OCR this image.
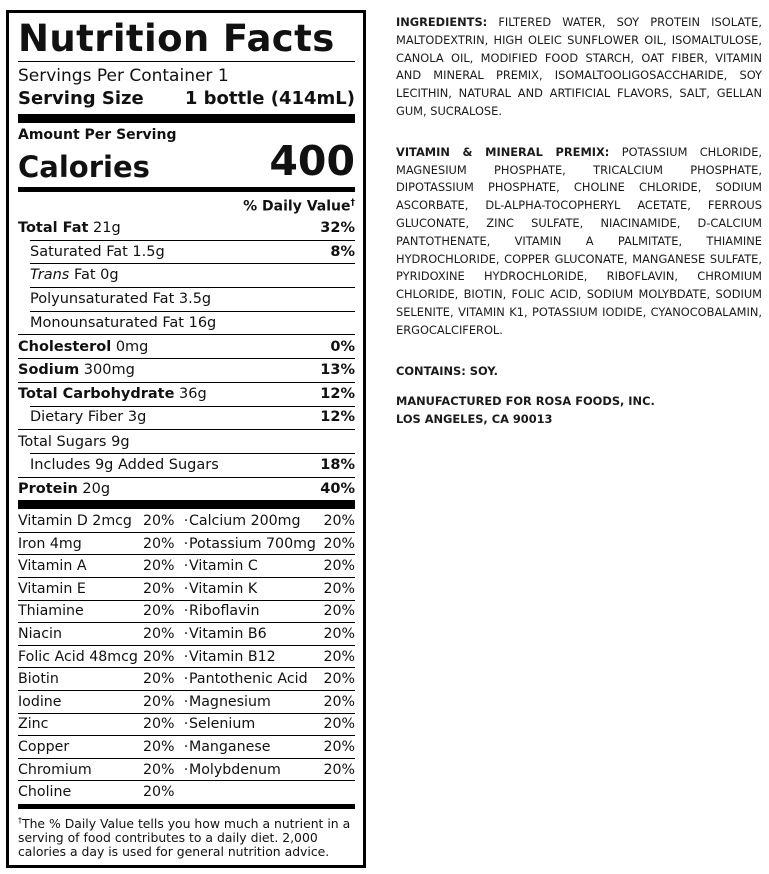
Nutrition Facts
Servings Per Container 1
Serving Size 1 bottle (414mL)
Amount Per Serving
Calories	400
% Daily Value†
Total Fat 21g	32%
Saturated Fat 1.5g	8%
Trans Fat 0g
Polyunsaturated Fat 3.5g
Monounsaturated Fat 16g
Cholesterol 0mg	0%
Sodium 300mg	13%
Total Carbohydrate 36g	12%
Dietary Fiber 3g	12%
Total Sugars 9g
Includes 9g Added Sugars	18%
Protein 20g	40%
Vitamin D 2mcg 20% · Calcium 200mg	20%
Iron 4mg	20% · Potassium 700mg 20%
Vitamin A	20% · Vitamin C	20%
Vitamin E	20% · Vitamin K	20%
Thiamine	20% · Riboflavin	20%
Niacin	20% · Vitamin B6	20%
Folic Acid 48mcg 20% · Vitamin B12	20%
Biotin	20% · Pantothenic Acid	20%
Iodine	20% · Magnesium	20%
Zinc	20% · Selenium	20%
Copper	20% · Manganese	20%
Chromium	20% · Molybdenum	20%
Choline	20%
†The % Daily Value tells you how much a nutrient in a serving of food contributes to a daily diet. 2,000 calories a day is used for general nutrition advice.

INGREDIENTS: FILTERED WATER, SOY PROTEIN ISOLATE, MALTODEXTRIN, HIGH OLEIC SUNFLOWER OIL, ISOMALTULOSE, CANOLA OIL, MODIFIED FOOD STARCH, OAT FIBER, VITAMIN AND MINERAL PREMIX, ISOMALTOOLIGOSACCHARIDE, SOY LECITHIN, NATURAL AND ARTIFICIAL FLAVORS, SALT, GELLAN GUM, SUCRALOSE.

VITAMIN & MINERAL PREMIX: POTASSIUM CHLORIDE, MAGNESIUM PHOSPHATE, TRICALCIUM PHOSPHATE, DIPOTASSIUM PHOSPHATE, CHOLINE CHLORIDE, SODIUM ASCORBATE, DL-ALPHA-TOCOPHERYL ACETATE, FERROUS GLUCONATE, ZINC SULFATE, NIACINAMIDE, D-CALCIUM PANTOTHENATE, VITAMIN A PALMITATE, THIAMINE HYDROCHLORIDE, COPPER GLUCONATE, MANGANESE SULFATE, PYRIDOXINE HYDROCHLORIDE, RIBOFLAVIN, CHROMIUM CHLORIDE, BIOTIN, FOLIC ACID, SODIUM MOLYBDATE, SODIUM SELENITE, VITAMIN K1, POTASSIUM IODIDE, CYANOCOBALAMIN, ERGOCALCIFEROL.

CONTAINS: SOY.

MANUFACTURED FOR ROSA FOODS, INC.

LOS ANGELES, CA 90013
